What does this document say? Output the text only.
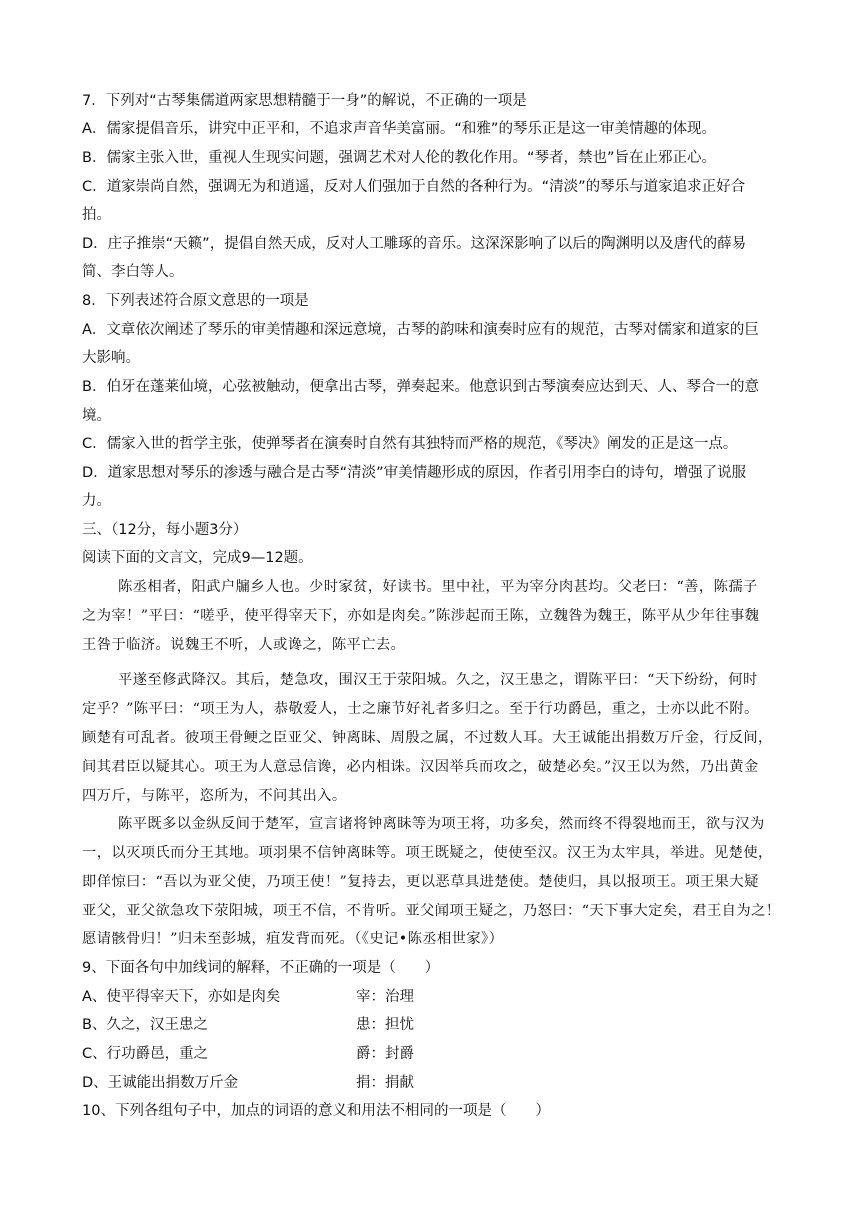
7．下列对“古琴集儒道两家思想精髓于一身”的解说，不正确的一项是

A．儒家提倡音乐，讲究中正平和，不追求声音华美富丽。“和雅”的琴乐正是这一审美情趣的体现。

B．儒家主张入世，重视人生现实问题，强调艺术对人伦的教化作用。“琴者，禁也”旨在止邪正心。

C．道家崇尚自然，强调无为和逍遥，反对人们强加于自然的各种行为。“清淡”的琴乐与道家追求正好合

拍。

D．庄子推崇“天籁”，提倡自然天成，反对人工雕琢的音乐。这深深影响了以后的陶渊明以及唐代的薛易

简、李白等人。

8．下列表述符合原文意思的一项是

A．文章依次阐述了琴乐的审美情趣和深远意境，古琴的韵味和演奏时应有的规范，古琴对儒家和道家的巨

大影响。

B．伯牙在蓬莱仙境，心弦被触动，便拿出古琴，弹奏起来。他意识到古琴演奏应达到天、人、琴合一的意

境。

C．儒家入世的哲学主张，使弹琴者在演奏时自然有其独特而严格的规范，《琴决》阐发的正是这一点。

D．道家思想对琴乐的渗透与融合是古琴“清淡”审美情趣形成的原因，作者引用李白的诗句，增强了说服

力。

三、（12分，每小题3分）

阅读下面的文言文，完成9—12题。

陈丞相者，阳武户牖乡人也。少时家贫，好读书。里中社，平为宰分肉甚均。父老曰：“善，陈孺子

之为宰！”平曰：“嗟乎，使平得宰天下，亦如是肉矣。”陈涉起而王陈，立魏咎为魏王，陈平从少年往事魏

王咎于临济。说魏王不听，人或谗之，陈平亡去。

平遂至修武降汉。其后，楚急攻，围汉王于荥阳城。久之，汉王患之，谓陈平曰：“天下纷纷，何时

定乎？”陈平曰：“项王为人，恭敬爱人，士之廉节好礼者多归之。至于行功爵邑，重之，士亦以此不附。

顾楚有可乱者。彼项王骨鲠之臣亚父、钟离眛、周殷之属，不过数人耳。大王诚能出捐数万斤金，行反间，

间其君臣以疑其心。项王为人意忌信谗，必内相诛。汉因举兵而攻之，破楚必矣。”汉王以为然，乃出黄金

四万斤，与陈平，恣所为，不问其出入。

陈平既多以金纵反间于楚军，宣言诸将钟离眛等为项王将，功多矣，然而终不得裂地而王，欲与汉为

一，以灭项氏而分王其地。项羽果不信钟离眛等。项王既疑之，使使至汉。汉王为太牢具，举进。见楚使，

即佯惊曰：“吾以为亚父使，乃项王使！”复持去，更以恶草具进楚使。楚使归，具以报项王。项王果大疑

亚父，亚父欲急攻下荥阳城，项王不信，不肯听。亚父闻项王疑之，乃怒曰：“天下事大定矣，君王自为之！

愿请骸骨归！”归未至彭城，疽发背而死。（《史记•陈丞相世家》）

9、下面各句中加线词的解释，不正确的一项是（　　）

A、使平得宰天下，亦如是肉矣	宰：治理

B、久之，汉王患之	患：担忧

C、行功爵邑，重之	爵：封爵

D、王诚能出捐数万斤金	捐：捐献

10、下列各组句子中，加点的词语的意义和用法不相同的一项是（　　）
